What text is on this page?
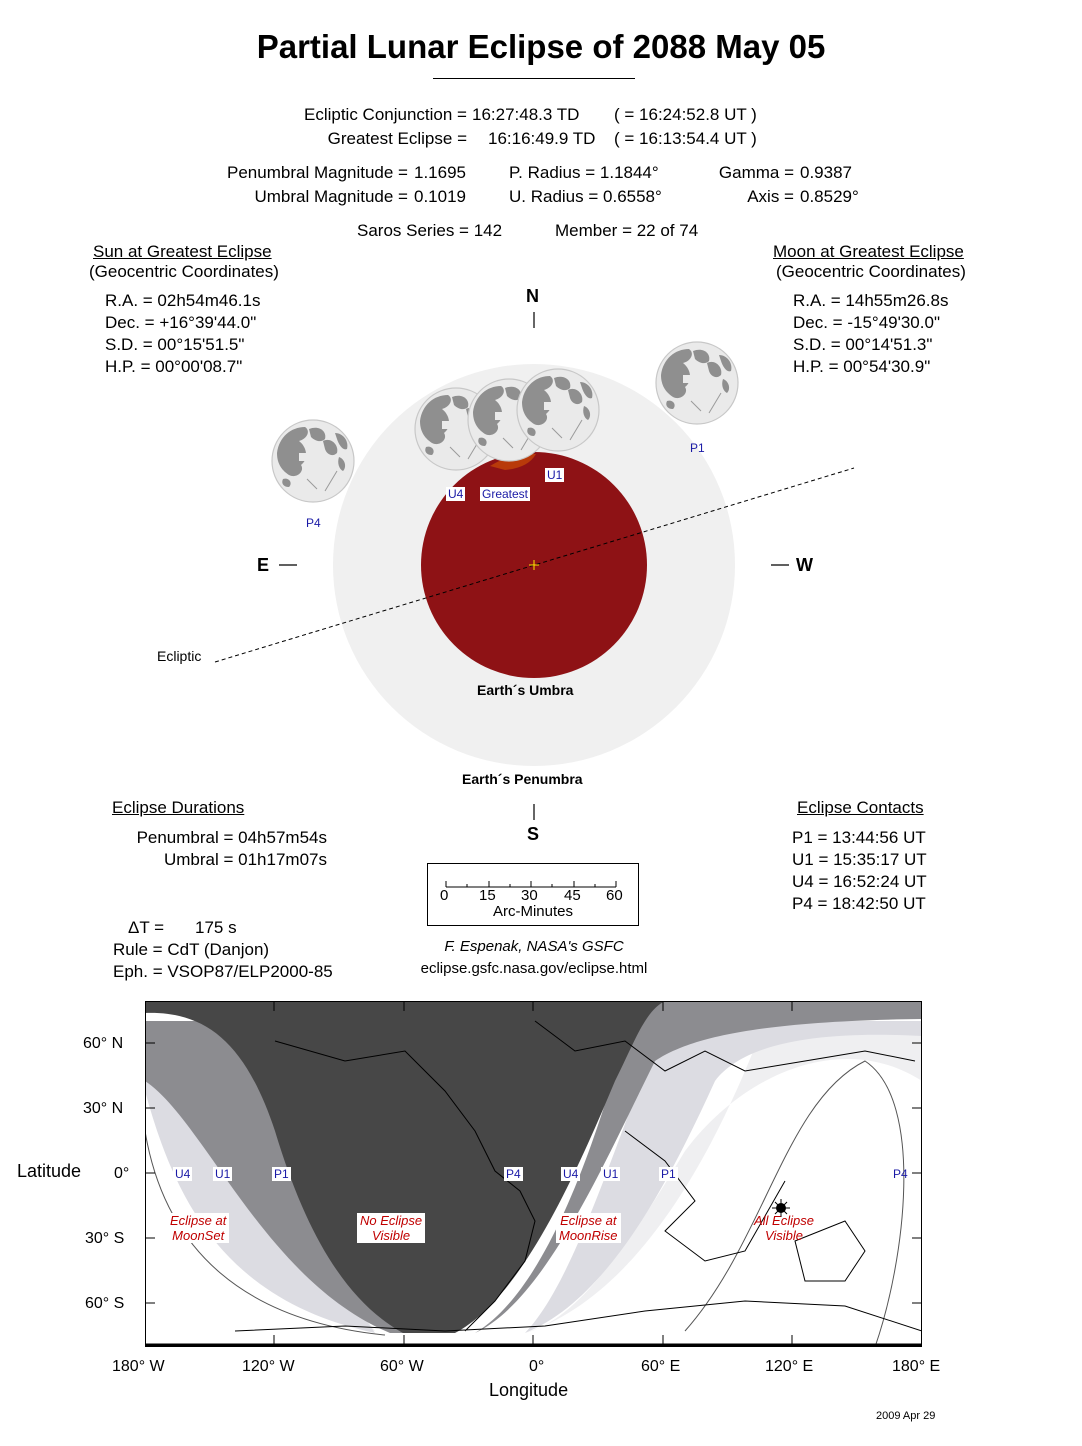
Partial Lunar Eclipse of 2088 May 05
Ecliptic Conjunction = 16:27:48.3 TD ( = 16:24:52.8 UT )
Greatest Eclipse = 16:16:49.9 TD ( = 16:13:54.4 UT )
Penumbral Magnitude = 1.1695
Umbral Magnitude = 0.1019
P. Radius = 1.1844°
U. Radius = 0.6558°
Gamma = 0.9387
Axis = 0.8529°
Saros Series = 142	Member = 22 of 74
Sun at Greatest Eclipse
(Geocentric Coordinates)
R.A. = 02h54m46.1s
Dec. = +16°39'44.0"
S.D. = 00°15'51.5"
H.P. = 00°00'08.7"
Moon at Greatest Eclipse
(Geocentric Coordinates)
R.A. = 14h55m26.8s
Dec. = -15°49'30.0"
S.D. = 00°14'51.3"
H.P. = 00°54'30.9"
N
S
E	W
Ecliptic
Earth´s Umbra
Earth´s Penumbra
P1
U1
U4 Greatest
P4
Eclipse Durations
Penumbral = 04h57m54s
Umbral = 01h17m07s
ΔT = 175 s
Rule = CdT (Danjon)
Eph. = VSOP87/ELP2000-85
Eclipse Contacts
P1 = 13:44:56 UT
U1 = 15:35:17 UT
U4 = 16:52:24 UT
P4 = 18:42:50 UT
0 15 30 45 60
Arc-Minutes
F. Espenak, NASA's GSFC
eclipse.gsfc.nasa.gov/eclipse.html
60° N
30° N
0°
30° S
60° S
Latitude
180° W	120° W	60° W	0°	60° E	120° E	180° E
Longitude
U4 U1	P1	P4	U4 U1	P1	P4
Eclipse at
MoonSet
No Eclipse
Visible
Eclipse at
MoonRise
All Eclipse
Visible
2009 Apr 29
